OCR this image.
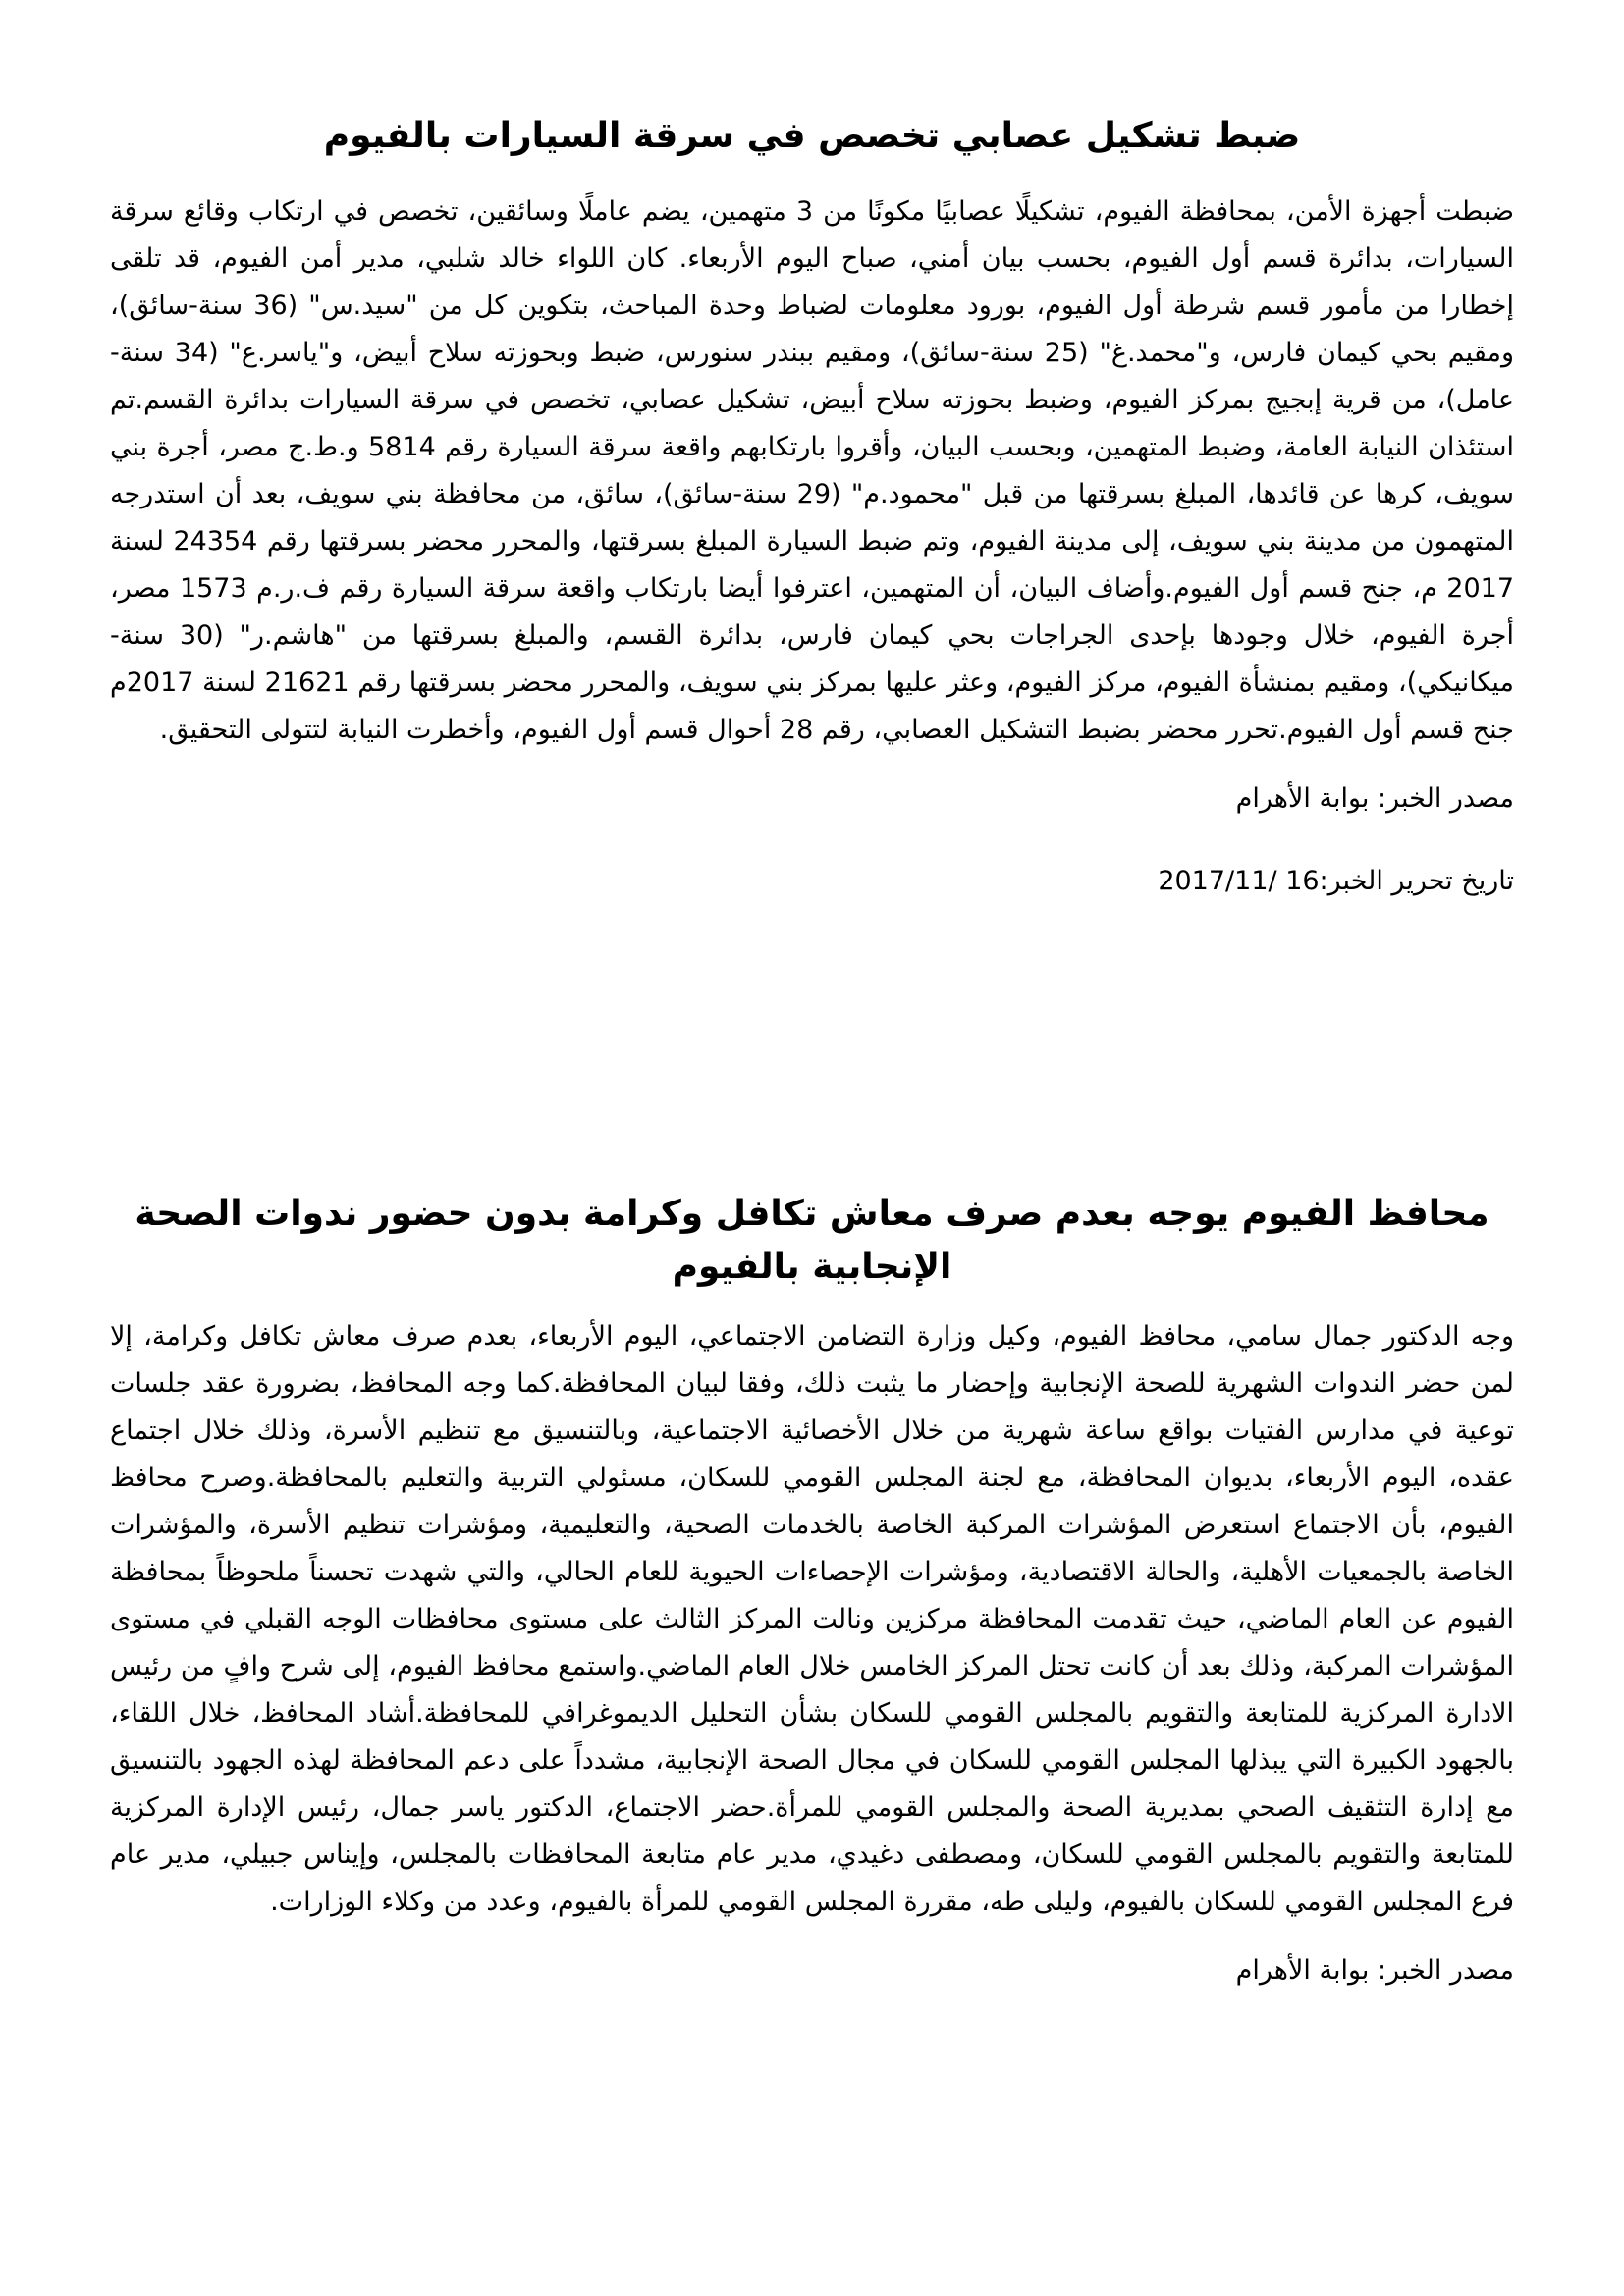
ضبط تشكيل عصابي تخصص في سرقة السيارات بالفيوم

ضبطت أجهزة الأمن، بمحافظة الفيوم، تشكيلًا عصابيًا مكونًا من 3 متهمين، يضم عاملًا وسائقين، تخصص في ارتكاب وقائع سرقة السيارات، بدائرة قسم أول الفيوم، بحسب بيان أمني، صباح اليوم الأربعاء. كان اللواء خالد شلبي، مدير أمن الفيوم، قد تلقى إخطارا من مأمور قسم شرطة أول الفيوم، بورود معلومات لضباط وحدة المباحث، بتكوين كل من "سيد.س" (36 سنة-سائق)، ومقيم بحي كيمان فارس، و"محمد.غ" (25 سنة-سائق)، ومقيم ببندر سنورس، ضبط وبحوزته سلاح أبيض، و"ياسر.ع" (34 سنة-عامل)، من قرية إبجيج بمركز الفيوم، وضبط بحوزته سلاح أبيض، تشكيل عصابي، تخصص في سرقة السيارات بدائرة القسم.تم استئذان النيابة العامة، وضبط المتهمين، وبحسب البيان، وأقروا بارتكابهم واقعة سرقة السيارة رقم 5814 و.ط.ج مصر، أجرة بني سويف، كرها عن قائدها، المبلغ بسرقتها من قبل "محمود.م" (29 سنة-سائق)، سائق، من محافظة بني سويف، بعد أن استدرجه المتهمون من مدينة بني سويف، إلى مدينة الفيوم، وتم ضبط السيارة المبلغ بسرقتها، والمحرر محضر بسرقتها رقم 24354 لسنة 2017 م، جنح قسم أول الفيوم.وأضاف البيان، أن المتهمين، اعترفوا أيضا بارتكاب واقعة سرقة السيارة رقم ف.ر.م 1573 مصر، أجرة الفيوم، خلال وجودها بإحدى الجراجات بحي كيمان فارس، بدائرة القسم، والمبلغ بسرقتها من "هاشم.ر" (30 سنة-ميكانيكي)، ومقيم بمنشأة الفيوم، مركز الفيوم، وعثر عليها بمركز بني سويف، والمحرر محضر بسرقتها رقم 21621 لسنة 2017م جنح قسم أول الفيوم.تحرر محضر بضبط التشكيل العصابي، رقم 28 أحوال قسم أول الفيوم، وأخطرت النيابة لتتولى التحقيق.

مصدر الخبر: بوابة الأهرام

تاريخ تحرير الخبر:16 /2017/11

محافظ الفيوم يوجه بعدم صرف معاش تكافل وكرامة بدون حضور ندوات الصحة الإنجابية بالفيوم

وجه الدكتور جمال سامي، محافظ الفيوم، وكيل وزارة التضامن الاجتماعي، اليوم الأربعاء، بعدم صرف معاش تكافل وكرامة، إلا لمن حضر الندوات الشهرية للصحة الإنجابية وإحضار ما يثبت ذلك، وفقا لبيان المحافظة.كما وجه المحافظ، بضرورة عقد جلسات توعية في مدارس الفتيات بواقع ساعة شهرية من خلال الأخصائية الاجتماعية، وبالتنسيق مع تنظيم الأسرة، وذلك خلال اجتماع عقده، اليوم الأربعاء، بديوان المحافظة، مع لجنة المجلس القومي للسكان، مسئولي التربية والتعليم بالمحافظة.وصرح محافظ الفيوم، بأن الاجتماع استعرض المؤشرات المركبة الخاصة بالخدمات الصحية، والتعليمية، ومؤشرات تنظيم الأسرة، والمؤشرات الخاصة بالجمعيات الأهلية، والحالة الاقتصادية، ومؤشرات الإحصاءات الحيوية للعام الحالي، والتي شهدت تحسناً ملحوظاً بمحافظة الفيوم عن العام الماضي، حيث تقدمت المحافظة مركزين ونالت المركز الثالث على مستوى محافظات الوجه القبلي في مستوى المؤشرات المركبة، وذلك بعد أن كانت تحتل المركز الخامس خلال العام الماضي.واستمع محافظ الفيوم، إلى شرح وافٍ من رئيس الادارة المركزية للمتابعة والتقويم بالمجلس القومي للسكان بشأن التحليل الديموغرافي للمحافظة.أشاد المحافظ، خلال اللقاء، بالجهود الكبيرة التي يبذلها المجلس القومي للسكان في مجال الصحة الإنجابية، مشدداً على دعم المحافظة لهذه الجهود بالتنسيق مع إدارة التثقيف الصحي بمديرية الصحة والمجلس القومي للمرأة.حضر الاجتماع، الدكتور ياسر جمال، رئيس الإدارة المركزية للمتابعة والتقويم بالمجلس القومي للسكان، ومصطفى دغيدي، مدير عام متابعة المحافظات بالمجلس، وإيناس جبيلي، مدير عام فرع المجلس القومي للسكان بالفيوم، وليلى طه، مقررة المجلس القومي للمرأة بالفيوم، وعدد من وكلاء الوزارات.

مصدر الخبر: بوابة الأهرام
